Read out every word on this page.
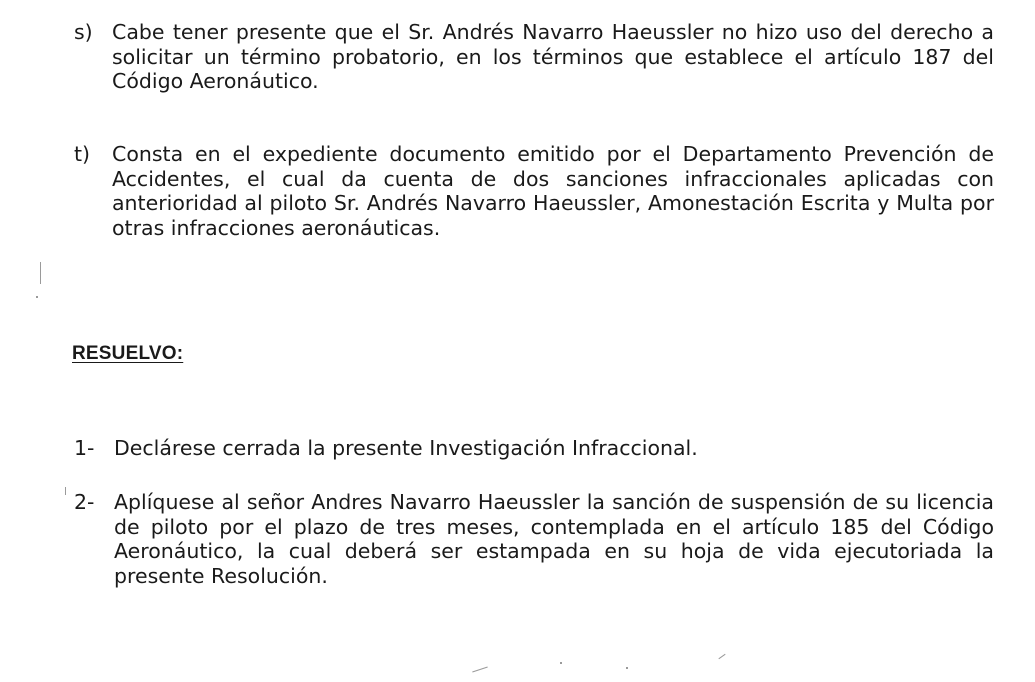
s) Cabe tener presente que el Sr. Andrés Navarro Haeussler no hizo uso del derecho a solicitar un término probatorio, en los términos que establece el artículo 187 del Código Aeronáutico.
t)	Consta en el expediente documento emitido por el Departamento Prevención de Accidentes, el cual da cuenta de dos sanciones infraccionales aplicadas con anterioridad al piloto Sr. Andrés Navarro Haeussler, Amonestación Escrita y Multa por otras infracciones aeronáuticas.
RESUELVO:
1- Declárese cerrada la presente Investigación Infraccional.
2- Aplíquese al señor Andres Navarro Haeussler la sanción de suspensión de su licencia de piloto por el plazo de tres meses, contemplada en el artículo 185 del Código Aeronáutico, la cual deberá ser estampada en su hoja de vida ejecutoriada la presente Resolución.
